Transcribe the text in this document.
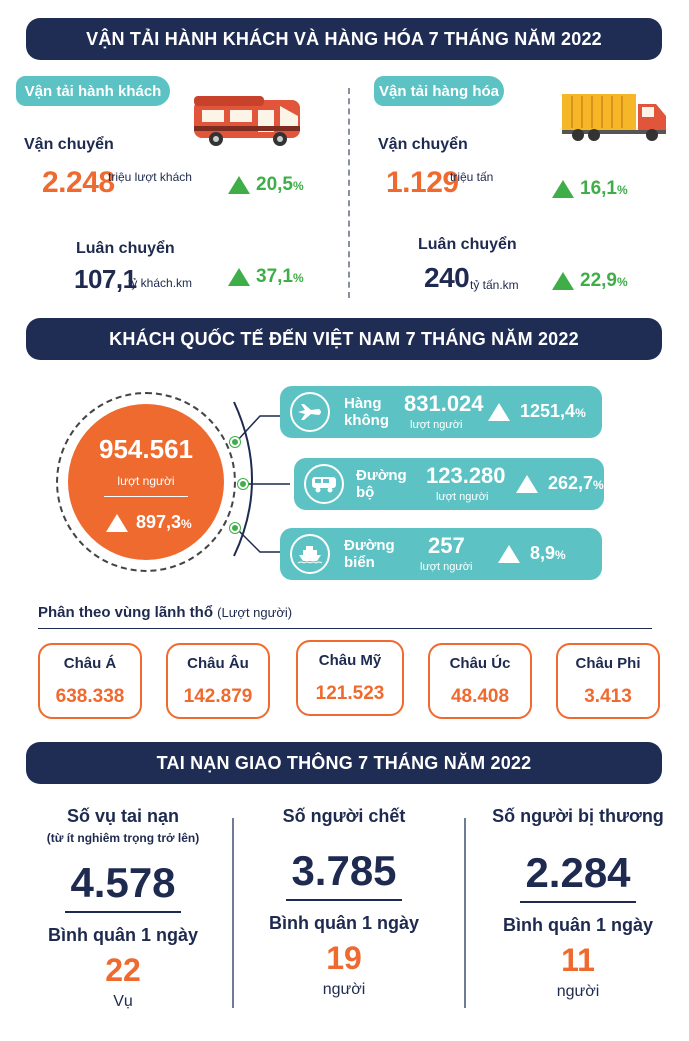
VẬN TẢI HÀNH KHÁCH VÀ HÀNG HÓA 7 THÁNG NĂM 2022
Vận tải hành khách
Vận chuyển
2.248
triệu lượt khách	20,5%
Luân chuyển
107,1
tỷ khách.km	37,1%
Vận tải hàng hóa
Vận chuyển
1.129
triệu tấn
16,1%
Luân chuyển
240 tỷ tấn.km	22,9%
KHÁCH QUỐC TẾ ĐẾN VIỆT NAM 7 THÁNG NĂM 2022
954.561
lượt người
897,3%
Hàng
không
831.024
lượt người
1251,4%
Đường
bộ
123.280
lượt người
262,7%
Đường
biển
257
lượt người
8,9%
Phân theo vùng lãnh thổ (Lượt người)
Châu Á
638.338
Châu Âu
142.879
Châu Mỹ
121.523
Châu Úc
48.408
Châu Phi
3.413
TAI NẠN GIAO THÔNG 7 THÁNG NĂM 2022
Số vụ tai nạn
(từ ít nghiêm trọng trở lên)
4.578
Bình quân 1 ngày
22
Vụ
Số người chết
3.785
Bình quân 1 ngày
19
người
Số người bị thương
2.284
Bình quân 1 ngày
11
người
